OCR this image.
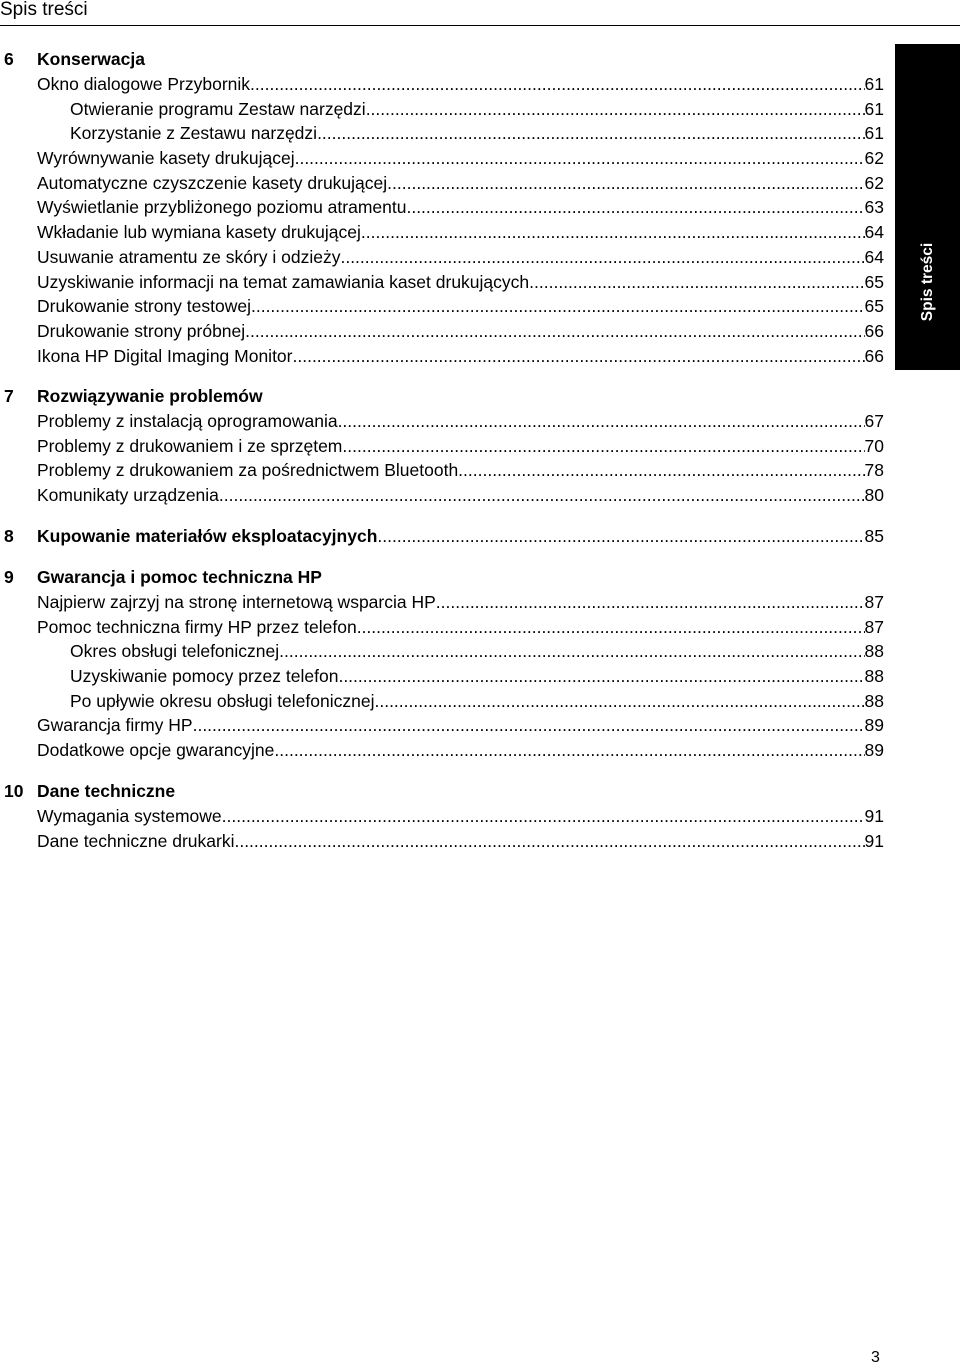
Spis treści
6 Konserwacja
Okno dialogowe Przybornik .....	61
Otwieranie programu Zestaw narzędzi .....	61
Korzystanie z Zestawu narzędzi .....	61
Wyrównywanie kasety drukującej .....	62
Automatyczne czyszczenie kasety drukującej .....	62
Wyświetlanie przybliżonego poziomu atramentu .....	63
Wkładanie lub wymiana kasety drukującej .....	64
Usuwanie atramentu ze skóry i odzieży .....	64
Uzyskiwanie informacji na temat zamawiania kaset drukujących .....	65
Drukowanie strony testowej .....	65
Drukowanie strony próbnej .....	66
Ikona HP Digital Imaging Monitor .....	66
7 Rozwiązywanie problemów
Problemy z instalacją oprogramowania .....	67
Problemy z drukowaniem i ze sprzętem .....	70
Problemy z drukowaniem za pośrednictwem Bluetooth .....	78
Komunikaty urządzenia .....	80
8 Kupowanie materiałów eksploatacyjnych .....	85
9 Gwarancja i pomoc techniczna HP
Najpierw zajrzyj na stronę internetową wsparcia HP .....	87
Pomoc techniczna firmy HP przez telefon .....	87
Okres obsługi telefonicznej .....	88
Uzyskiwanie pomocy przez telefon .....	88
Po upływie okresu obsługi telefonicznej .....	88
Gwarancja firmy HP .....	89
Dodatkowe opcje gwarancyjne .....	89
10 Dane techniczne
Wymagania systemowe .....	91
Dane techniczne drukarki .....	91
Spis treści
3
